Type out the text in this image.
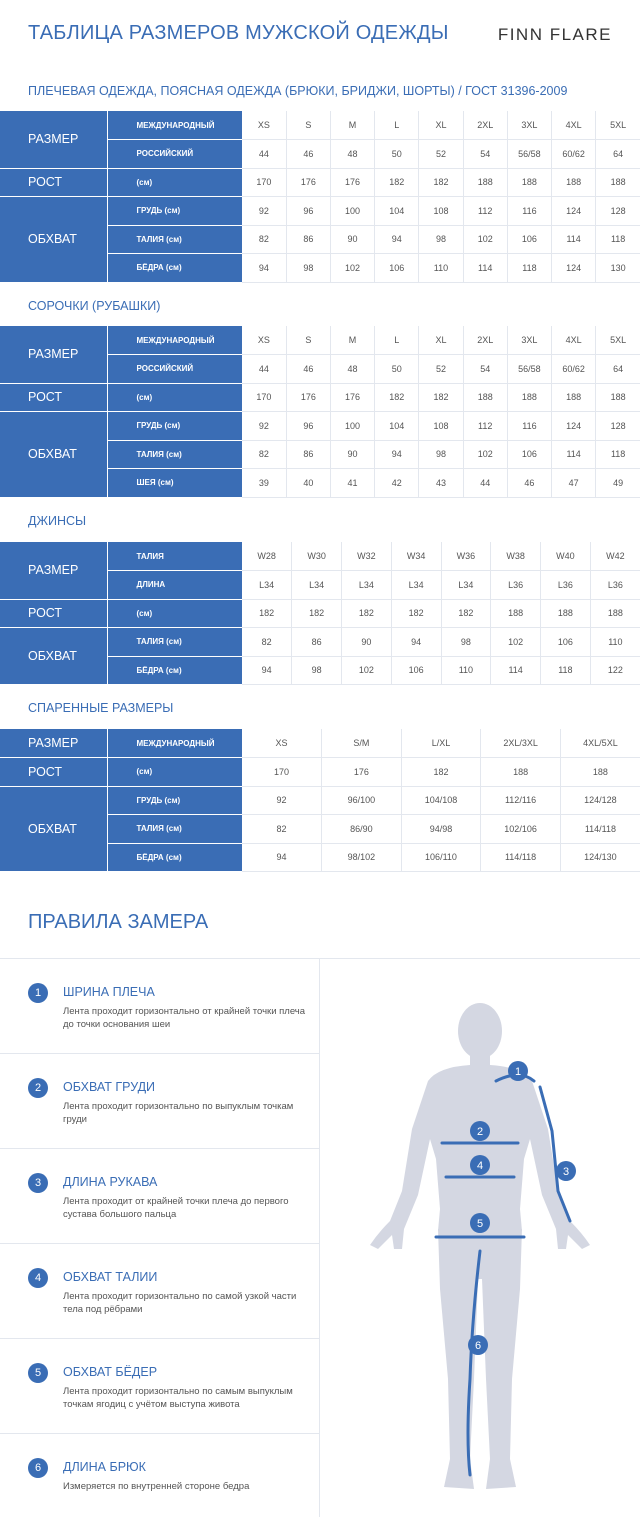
ТАБЛИЦА РАЗМЕРОВ МУЖСКОЙ ОДЕЖДЫ	FINN FLARE
ПЛЕЧЕВАЯ ОДЕЖДА, ПОЯСНАЯ ОДЕЖДА (БРЮКИ, БРИДЖИ, ШОРТЫ) / ГОСТ 31396-2009
РАЗМЕР	МЕЖДУНАРОДНЫЙ	XS	S	M	L	XL	2XL	3XL	4XL	5XL
	РОССИЙСКИЙ	44	46	48	50	52	54	56/58	60/62	64
РОСТ	(см)	170	176	176	182	182	188	188	188	188
ОБХВАТ	ГРУДЬ (см)	92	96	100	104	108	112	116	124	128
	ТАЛИЯ (см)	82	86	90	94	98	102	106	114	118
	БЁДРА (см)	94	98	102	106	110	114	118	124	130
СОРОЧКИ (РУБАШКИ)
РАЗМЕР	МЕЖДУНАРОДНЫЙ	XS	S	M	L	XL	2XL	3XL	4XL	5XL
	РОССИЙСКИЙ	44	46	48	50	52	54	56/58	60/62	64
РОСТ	(см)	170	176	176	182	182	188	188	188	188
ОБХВАТ	ГРУДЬ (см)	92	96	100	104	108	112	116	124	128
	ТАЛИЯ (см)	82	86	90	94	98	102	106	114	118
	ШЕЯ (см)	39	40	41	42	43	44	46	47	49
ДЖИНСЫ
РАЗМЕР	ТАЛИЯ	W28	W30	W32	W34	W36	W38	W40	W42
	ДЛИНА	L34	L34	L34	L34	L34	L36	L36	L36
РОСТ	(см)	182	182	182	182	182	188	188	188
ОБХВАТ	ТАЛИЯ (см)	82	86	90	94	98	102	106	110
	БЁДРА (см)	94	98	102	106	110	114	118	122
СПАРЕННЫЕ РАЗМЕРЫ
РАЗМЕР	МЕЖДУНАРОДНЫЙ	XS	S/M	L/XL	2XL/3XL	4XL/5XL
РОСТ	(см)	170	176	182	188	188
ОБХВАТ	ГРУДЬ (см)	92	96/100	104/108	112/116	124/128
	ТАЛИЯ (см)	82	86/90	94/98	102/106	114/118
	БЁДРА (см)	94	98/102	106/110	114/118	124/130
ПРАВИЛА ЗАМЕРА
1	ШРИНА ПЛЕЧА
Лента проходит горизонтально от крайней точки плеча до точки основания шеи
2	ОБХВАТ ГРУДИ
Лента проходит горизонтально по выпуклым точкам груди
3	ДЛИНА РУКАВА
Лента проходит от крайней точки плеча до первого сустава большого пальца
4	ОБХВАТ ТАЛИИ
Лента проходит горизонтально по самой узкой части тела под рёбрами
5	ОБХВАТ БЁДЕР
Лента проходит горизонтально по самым выпуклым точкам ягодиц с учётом выступа живота
6	ДЛИНА БРЮК
Измеряется по внутренней стороне бедра
1
2
3
4
5
6
